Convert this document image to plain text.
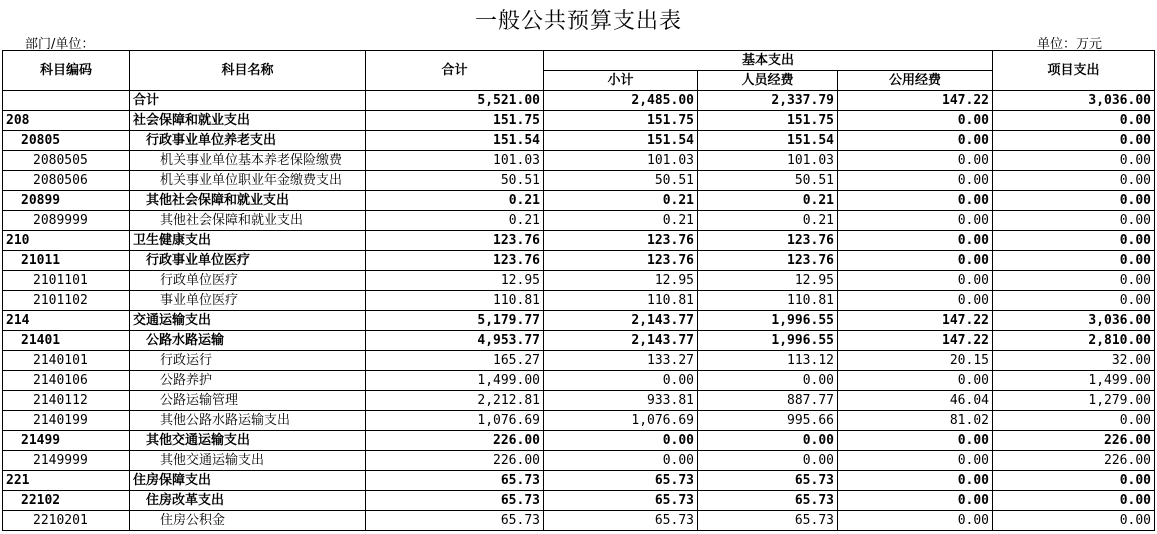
一般公共预算支出表
部门/单位：	单位：万元
科目编码	科目名称	合计	基本支出			项目支出
			小计	人员经费	公用经费	
	合计	5,521.00	2,485.00	2,337.79	147.22	3,036.00
208	社会保障和就业支出	151.75	151.75	151.75	0.00	0.00
20805	行政事业单位养老支出	151.54	151.54	151.54	0.00	0.00
2080505	机关事业单位基本养老保险缴费	101.03	101.03	101.03	0.00	0.00
2080506	机关事业单位职业年金缴费支出	50.51	50.51	50.51	0.00	0.00
20899	其他社会保障和就业支出	0.21	0.21	0.21	0.00	0.00
2089999	其他社会保障和就业支出	0.21	0.21	0.21	0.00	0.00
210	卫生健康支出	123.76	123.76	123.76	0.00	0.00
21011	行政事业单位医疗	123.76	123.76	123.76	0.00	0.00
2101101	行政单位医疗	12.95	12.95	12.95	0.00	0.00
2101102	事业单位医疗	110.81	110.81	110.81	0.00	0.00
214	交通运输支出	5,179.77	2,143.77	1,996.55	147.22	3,036.00
21401	公路水路运输	4,953.77	2,143.77	1,996.55	147.22	2,810.00
2140101	行政运行	165.27	133.27	113.12	20.15	32.00
2140106	公路养护	1,499.00	0.00	0.00	0.00	1,499.00
2140112	公路运输管理	2,212.81	933.81	887.77	46.04	1,279.00
2140199	其他公路水路运输支出	1,076.69	1,076.69	995.66	81.02	0.00
21499	其他交通运输支出	226.00	0.00	0.00	0.00	226.00
2149999	其他交通运输支出	226.00	0.00	0.00	0.00	226.00
221	住房保障支出	65.73	65.73	65.73	0.00	0.00
22102	住房改革支出	65.73	65.73	65.73	0.00	0.00
2210201	住房公积金	65.73	65.73	65.73	0.00	0.00
